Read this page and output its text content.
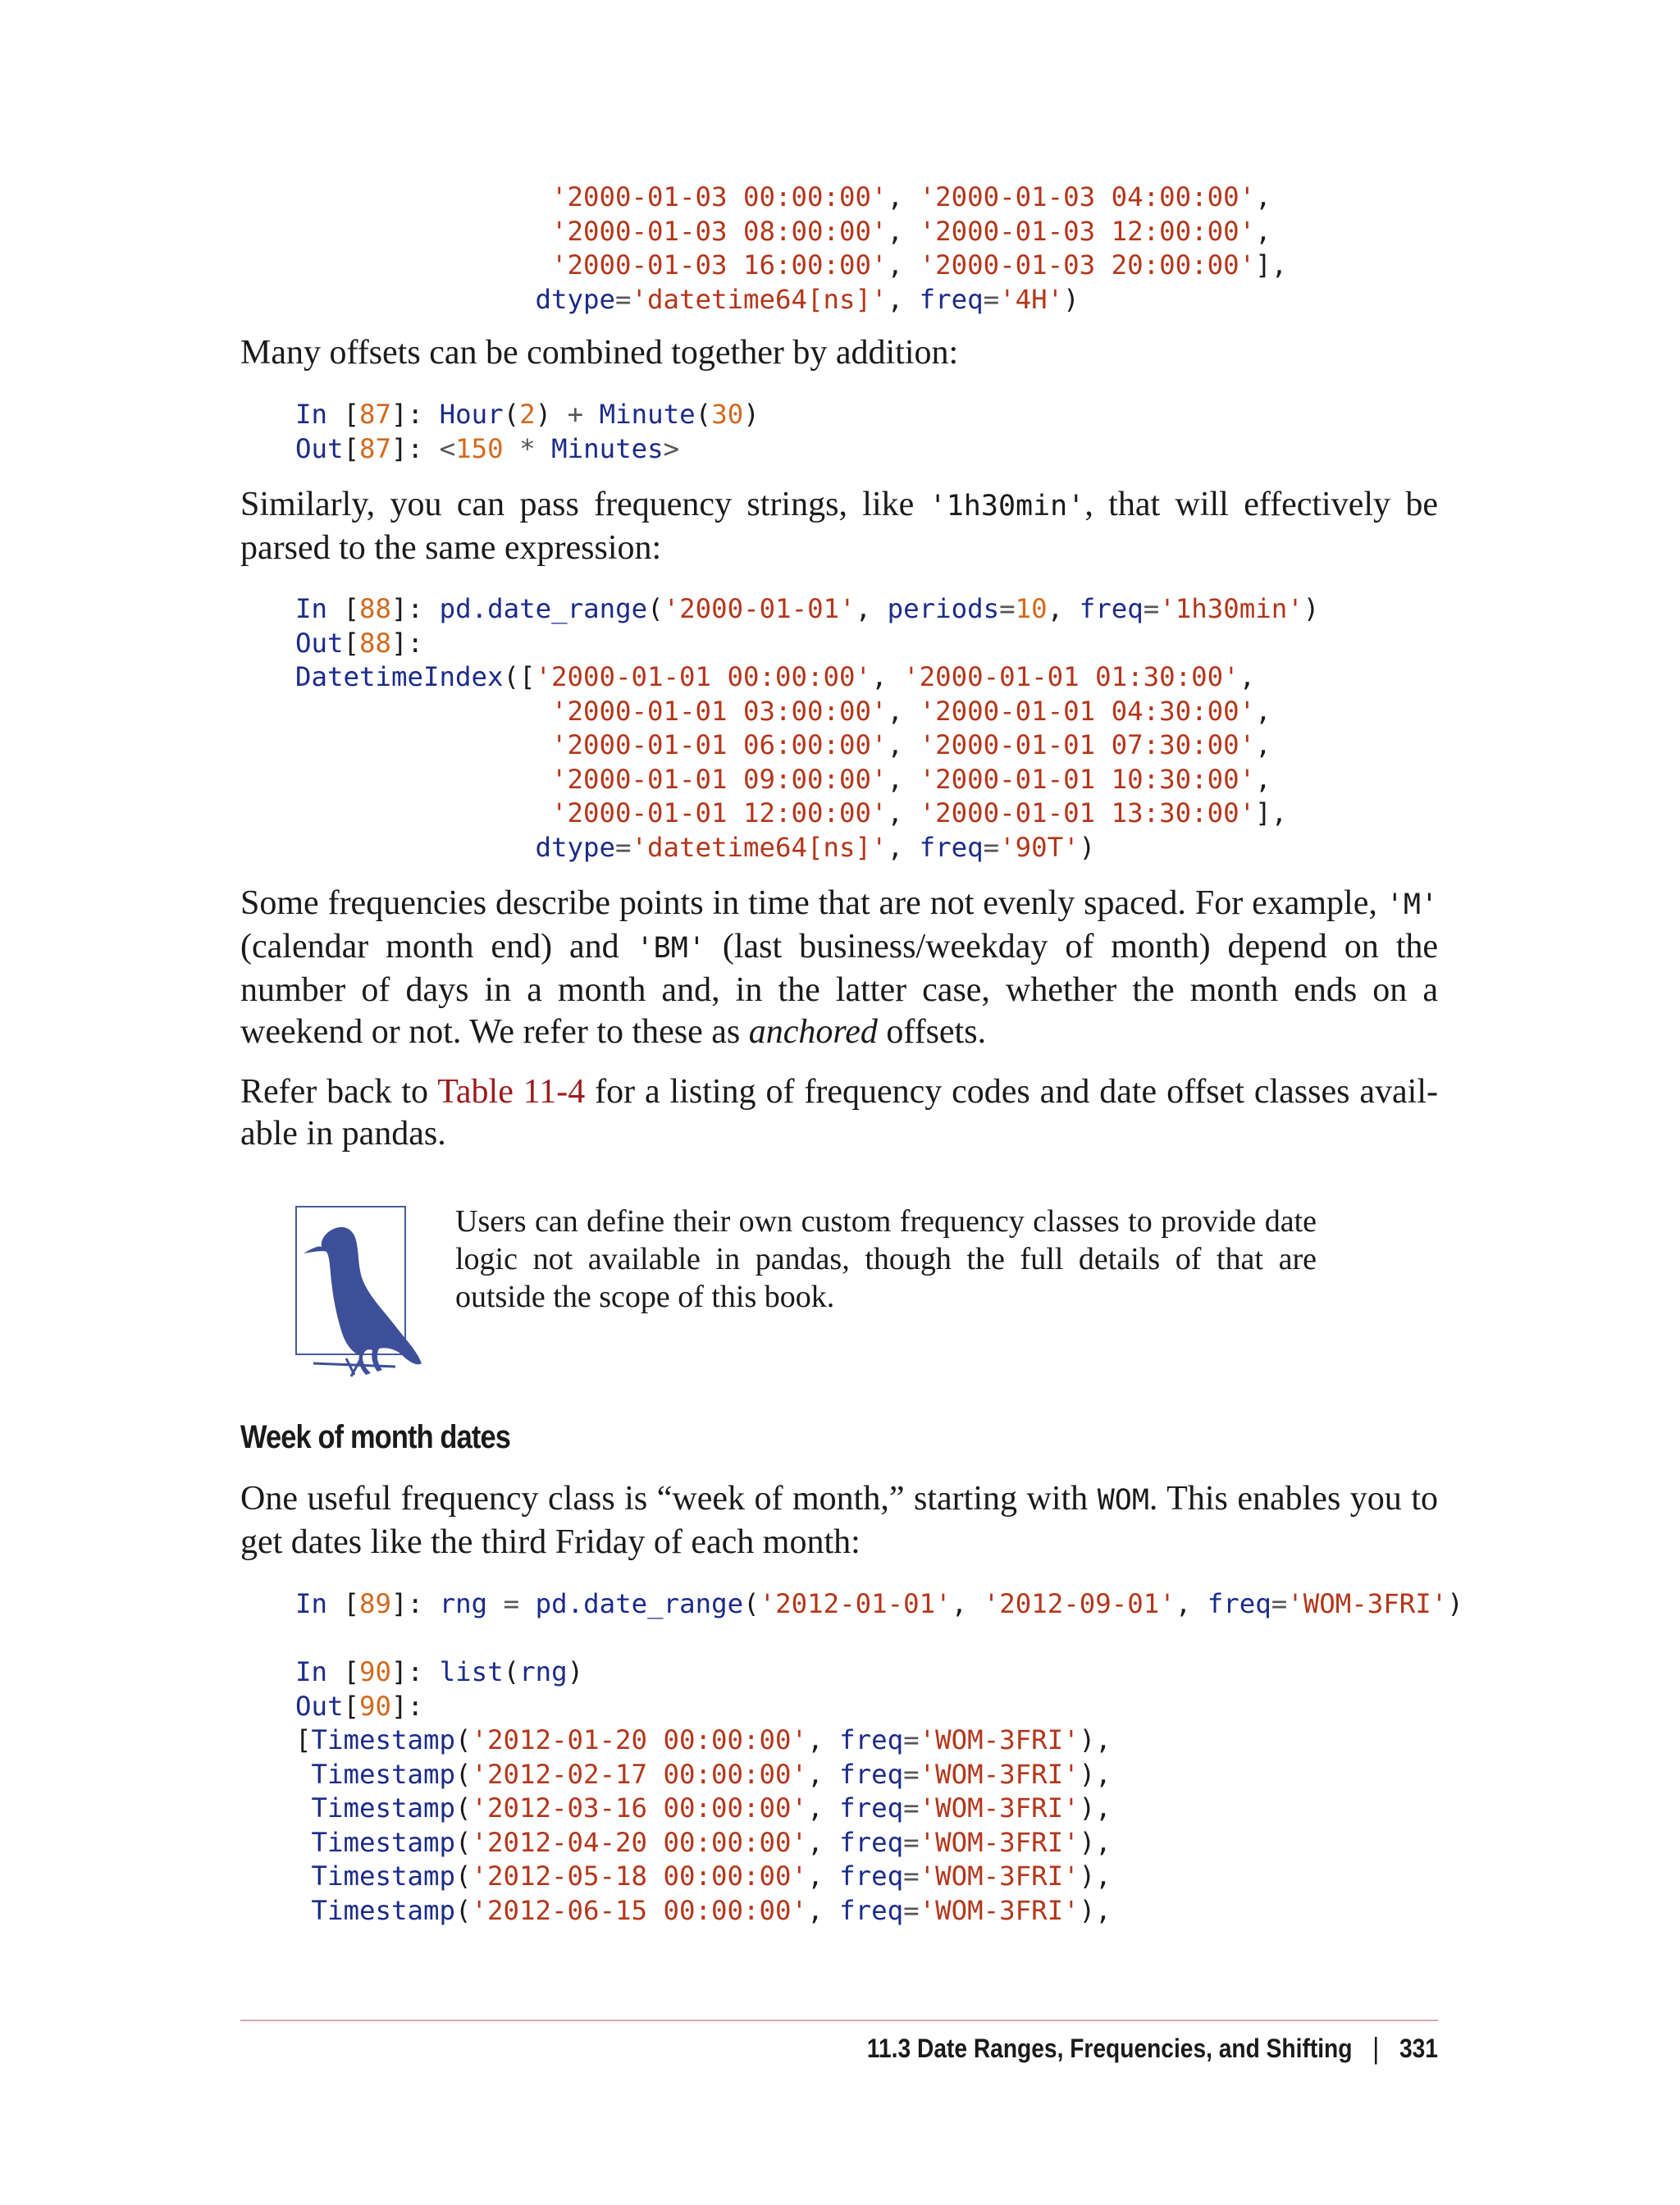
'2000-01-03 00:00:00', '2000-01-03 04:00:00',
'2000-01-03 08:00:00', '2000-01-03 12:00:00',
'2000-01-03 16:00:00', '2000-01-03 20:00:00'],
dtype='datetime64[ns]', freq='4H')

Many offsets can be combined together by addition:

In [87]: Hour(2) + Minute(30)
Out[87]: <150 * Minutes>

Similarly, you can pass frequency strings, like '1h30min', that will effectively be parsed to the same expression:

In [88]: pd.date_range('2000-01-01', periods=10, freq='1h30min')
Out[88]:
DatetimeIndex(['2000-01-01 00:00:00', '2000-01-01 01:30:00',
'2000-01-01 03:00:00', '2000-01-01 04:30:00',
'2000-01-01 06:00:00', '2000-01-01 07:30:00',
'2000-01-01 09:00:00', '2000-01-01 10:30:00',
'2000-01-01 12:00:00', '2000-01-01 13:30:00'],
dtype='datetime64[ns]', freq='90T')

Some frequencies describe points in time that are not evenly spaced. For example, 'M' (calendar month end) and 'BM' (last business/weekday of month) depend on the number of days in a month and, in the latter case, whether the month ends on a weekend or not. We refer to these as anchored offsets.

Refer back to Table 11-4 for a listing of frequency codes and date offset classes avail-able in pandas.

Users can define their own custom frequency classes to provide date logic not available in pandas, though the full details of that are outside the scope of this book.

Week of month dates

One useful frequency class is “week of month,” starting with WOM. This enables you to get dates like the third Friday of each month:

In [89]: rng = pd.date_range('2012-01-01', '2012-09-01', freq='WOM-3FRI')

In [90]: list(rng)
Out[90]:
[Timestamp('2012-01-20 00:00:00', freq='WOM-3FRI'),
Timestamp('2012-02-17 00:00:00', freq='WOM-3FRI'),
Timestamp('2012-03-16 00:00:00', freq='WOM-3FRI'),
Timestamp('2012-04-20 00:00:00', freq='WOM-3FRI'),
Timestamp('2012-05-18 00:00:00', freq='WOM-3FRI'),
Timestamp('2012-06-15 00:00:00', freq='WOM-3FRI'),
11.3 Date Ranges, Frequencies, and Shifting | 331
